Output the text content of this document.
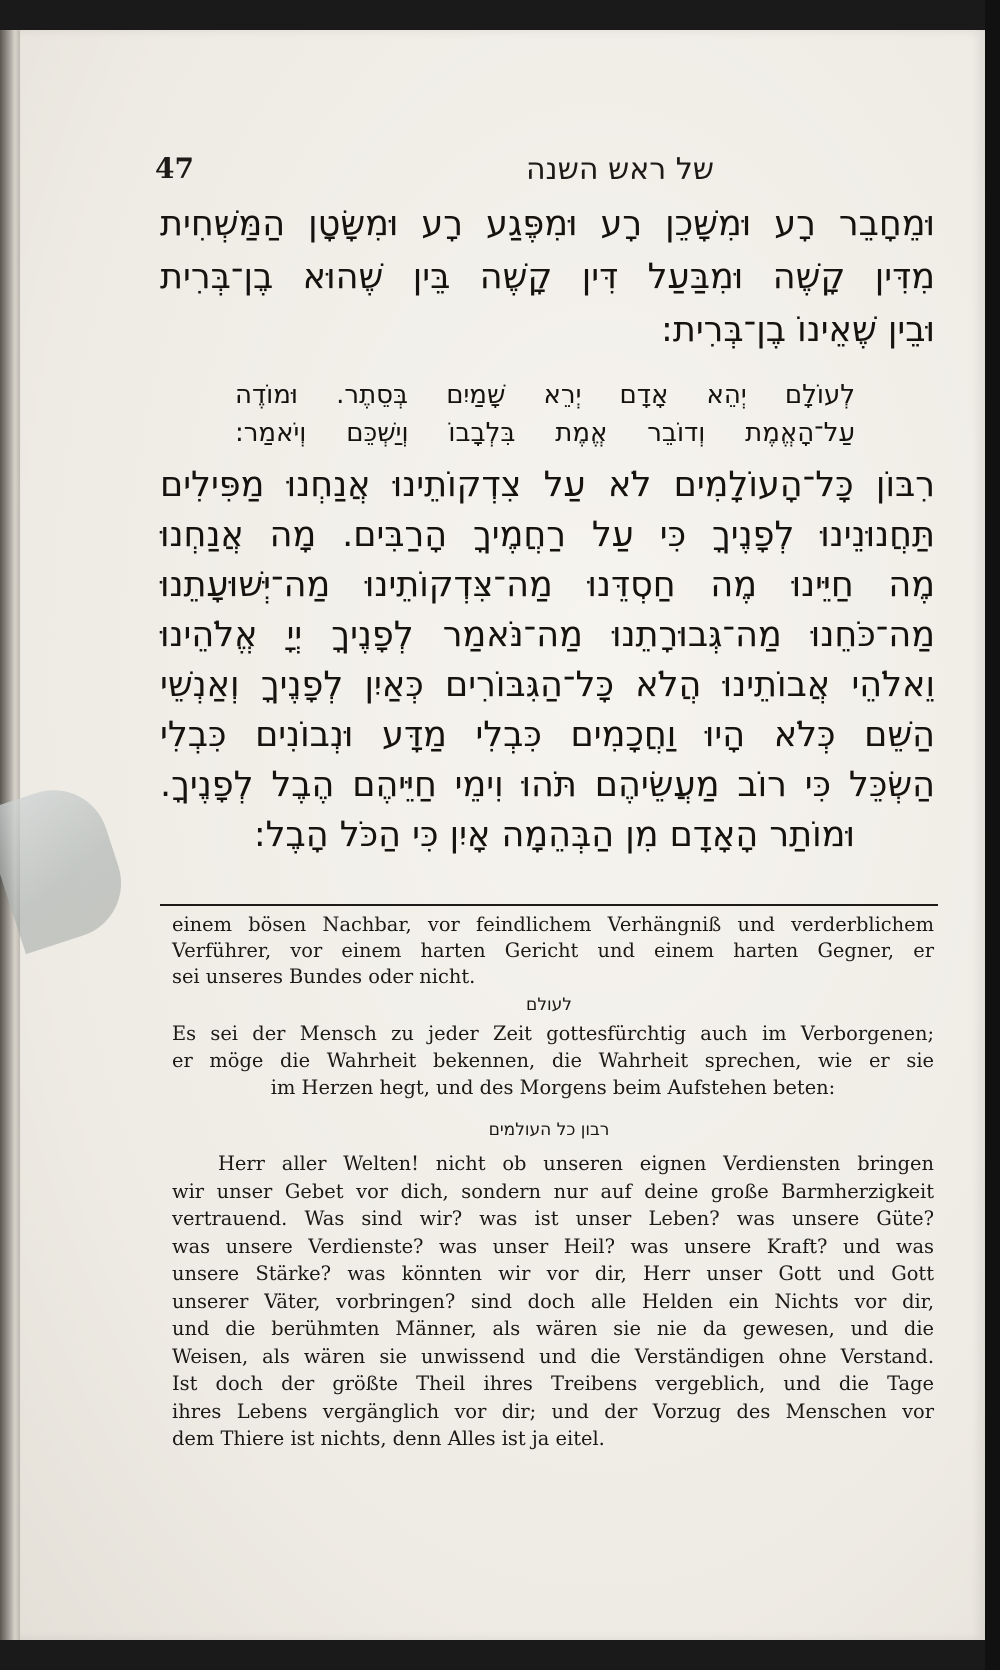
47	של ראש השנה
וּמֵחָבֵר רָע וּמִשָּׁכֵן רָע וּמִפֶּגַע רָע וּמִשָּׂטָן הַמַּשְׁחִית
מִדִּין קָשֶׁה וּמִבַּעַל דִּין קָשֶׁה בֵּין שֶׁהוּא בֶן־בְּרִית
וּבֵין שֶׁאֵינוֹ בֶן־בְּרִית:
לְעוֹלָם יְהֵא אָדָם יְרֵא שָׁמַיִם בְּסֵתֶר. וּמוֹדֶה
עַל־הָאֱמֶת וְדוֹבֵר אֱמֶת בִּלְבָבוֹ וְיַשְׁכֵּם וְיֹאמַר:
רִבּוֹן כָּל־הָעוֹלָמִים לֹא עַל צִדְקוֹתֵינוּ אֲנַחְנוּ מַפִּילִים
תַּחֲנוּנֵינוּ לְפָנֶיךָ כִּי עַל רַחֲמֶיךָ הָרַבִּים. מָה אֲנַחְנוּ
מֶה חַיֵּינוּ מֶה חַסְדֵּנוּ מַה־צִּדְקוֹתֵינוּ מַה־יְּשׁוּעָתֵנוּ
מַה־כֹּחֵנוּ מַה־גְּבוּרָתֵנוּ מַה־נֹּאמַר לְפָנֶיךָ יְיָ אֱלֹהֵינוּ
וֵאלֹהֵי אֲבוֹתֵינוּ הֲלֹא כָּל־הַגִּבּוֹרִים כְּאַיִן לְפָנֶיךָ וְאַנְשֵׁי
הַשֵּׁם כְּלֹא הָיוּ וַחֲכָמִים כִּבְלִי מַדָּע וּנְבוֹנִים כִּבְלִי
הַשְׂכֵּל כִּי רוֹב מַעֲשֵׂיהֶם תֹּהוּ וִימֵי חַיֵּיהֶם הֶבֶל לְפָנֶיךָ.
וּמוֹתַר הָאָדָם מִן הַבְּהֵמָה אָיִן כִּי הַכֹּל הָבֶל:
einem bösen Nachbar, vor feindlichem Verhängniß und verderblichem
Verführer, vor einem harten Gericht und einem harten Gegner, er
sei unseres Bundes oder nicht.
לעולם
Es sei der Mensch zu jeder Zeit gottesfürchtig auch im Verborgenen;
er möge die Wahrheit bekennen, die Wahrheit sprechen, wie er sie
im Herzen hegt, und des Morgens beim Aufstehen beten:
רבון כל העולמים
Herr aller Welten! nicht ob unseren eignen Verdiensten bringen
wir unser Gebet vor dich, sondern nur auf deine große Barmherzigkeit
vertrauend. Was sind wir? was ist unser Leben? was unsere Güte?
was unsere Verdienste? was unser Heil? was unsere Kraft? und was
unsere Stärke? was könnten wir vor dir, Herr unser Gott und Gott
unserer Väter, vorbringen? sind doch alle Helden ein Nichts vor dir,
und die berühmten Männer, als wären sie nie da gewesen, und die
Weisen, als wären sie unwissend und die Verständigen ohne Verstand.
Ist doch der größte Theil ihres Treibens vergeblich, und die Tage
ihres Lebens vergänglich vor dir; und der Vorzug des Menschen vor
dem Thiere ist nichts, denn Alles ist ja eitel.
